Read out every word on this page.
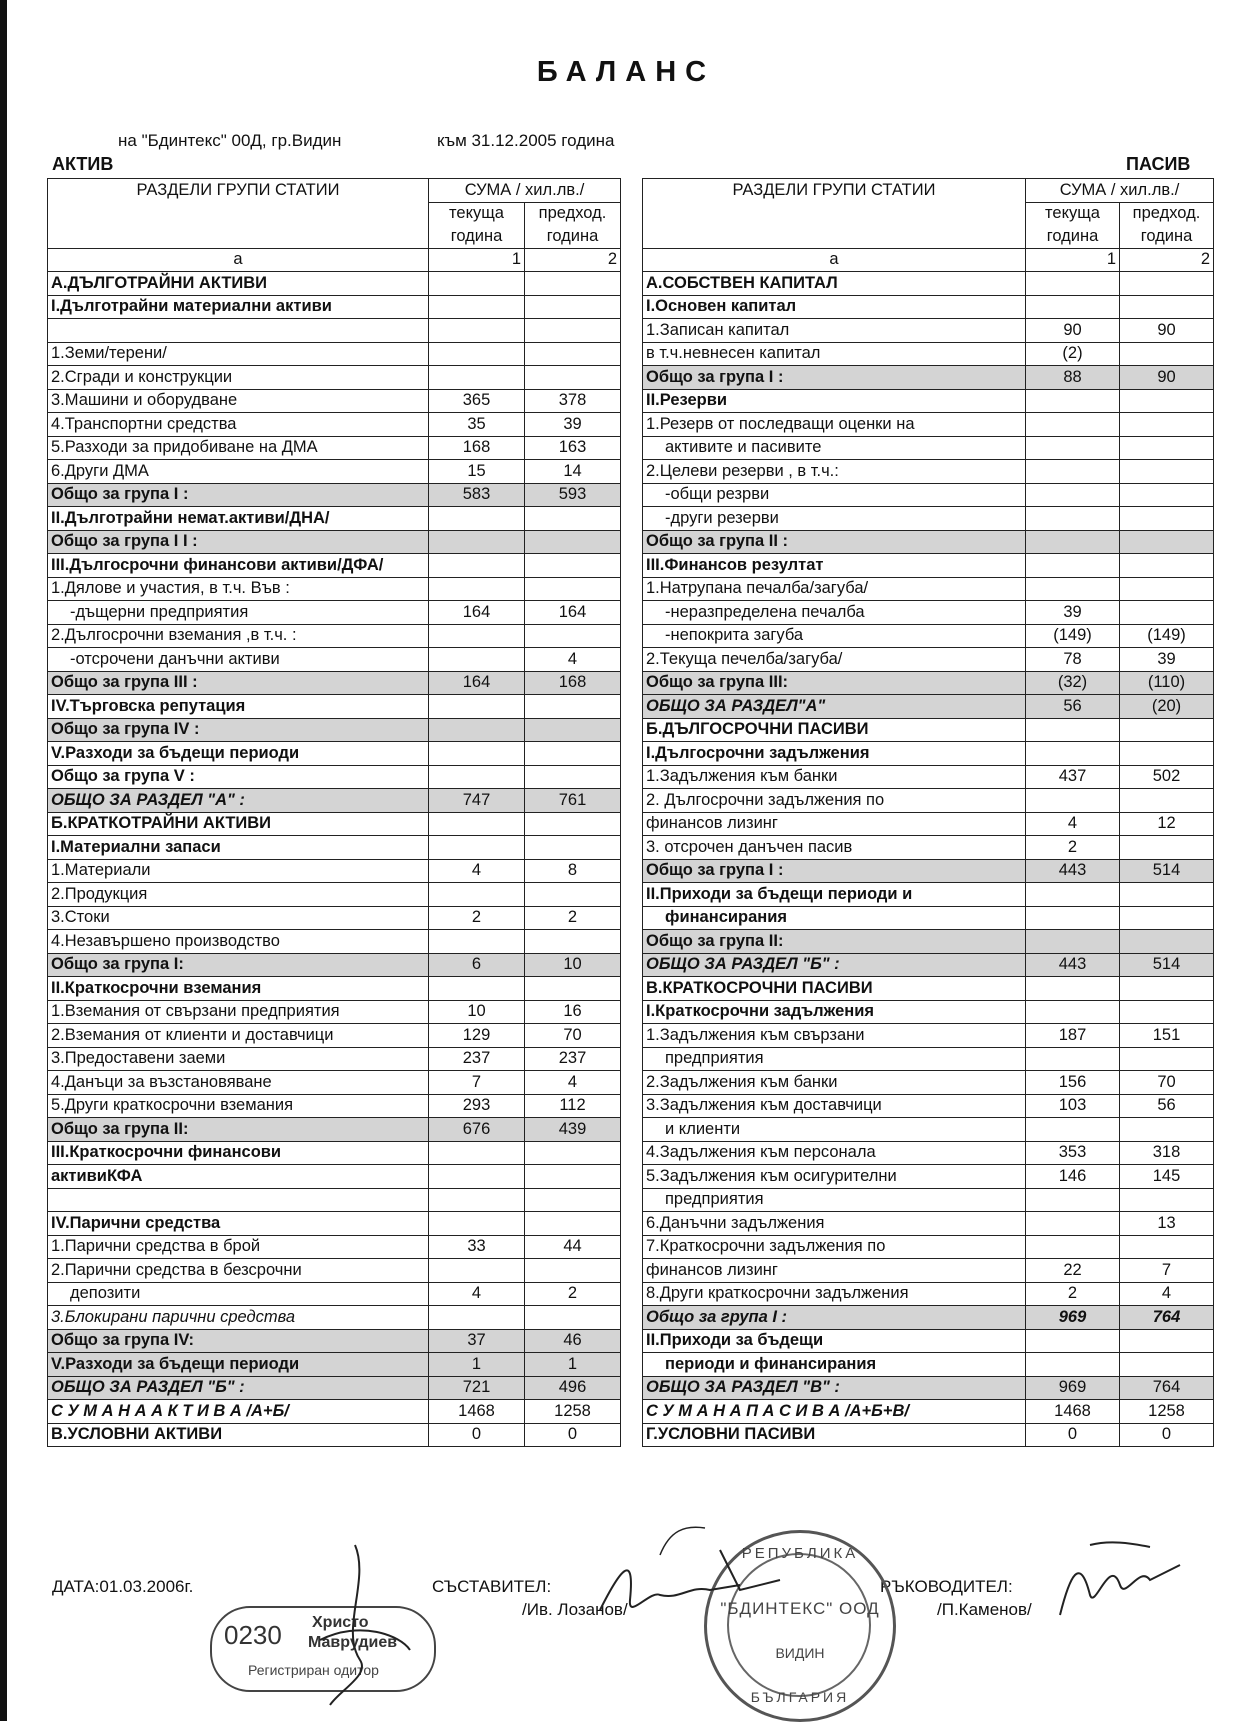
БАЛАНС
на "Бдинтекс" 00Д, гр.Видин	към 31.12.2005 година
АКТИВ	ПАСИВ
РАЗДЕЛИ ГРУПИ СТАТИИ	СУМА / хил.лв./	
	текуща	предход.
	година	година
а	1	2
А.ДЪЛГОТРАЙНИ АКТИВИ		
I.Дълготрайни материални активи		

1.Земи/терени/		
2.Сгради и конструкции		
3.Машини и оборудване	365	378
4.Транспортни средства	35	39
5.Разходи за придобиване на ДМА	168	163
6.Други ДМА	15	14
Общо за група I :	583	593
II.Дълготрайни немат.активи/ДНА/		
Общо за група I I :		
III.Дългосрочни финансови активи/ДФА/		
1.Дялове и участия, в т.ч. Във :		
-дъщерни предприятия	164	164
2.Дългосрочни вземания ,в т.ч. :		
-отсрочени данъчни активи		4
Общо за група III :	164	168
IV.Търговска репутация		
Общо за група IV :		
V.Разходи за бъдещи периоди		
Общо за група V :		
ОБЩО ЗА РАЗДЕЛ "А" :	747	761
Б.КРАТКОТРАЙНИ АКТИВИ		
I.Материални запаси		
1.Материали	4	8
2.Продукция		
3.Стоки	2	2
4.Незавършено производство		
Общо за група I:	6	10
II.Краткосрочни вземания		
1.Вземания от свързани предприятия	10	16
2.Вземания от клиенти и доставчици	129	70
3.Предоставени заеми	237	237
4.Данъци за възстановяване	7	4
5.Други краткосрочни вземания	293	112
Общо за група II:	676	439
III.Краткосрочни финансови		
активиКФА		

IV.Парични средства		
1.Парични средства в брой	33	44
2.Парични средства в безсрочни		
депозити	4	2
3.Блокирани парични средства		
Общо за група IV:	37	46
V.Разходи за бъдещи периоди	1	1
ОБЩО ЗА РАЗДЕЛ "Б" :	721	496
С У М А Н А А К Т И В А /А+Б/	1468	1258
В.УСЛОВНИ АКТИВИ	0	0
РАЗДЕЛИ ГРУПИ СТАТИИ	СУМА / хил.лв./	
	текуща	предход.
	година	година
а	1	2
А.СОБСТВЕН КАПИТАЛ		
I.Основен капитал		
1.Записан капитал	90	90
в т.ч.невнесен капитал	(2)	
Общо за група I :	88	90
II.Резерви		
1.Резерв от последващи оценки на		
активите и пасивите		
2.Целеви резерви , в т.ч.:		
-общи резрви		
-други резерви		
Общо за група II :		
III.Финансов резултат		
1.Натрупана печалба/загуба/		
-неразпределена печалба	39	
-непокрита загуба	(149)	(149)
2.Текуща печелба/загуба/	78	39
Общо за група III:	(32)	(110)
ОБЩО ЗА РАЗДЕЛ"А"	56	(20)
Б.ДЪЛГОСРОЧНИ ПАСИВИ		
I.Дългосрочни задължения		
1.Задължения към банки	437	502
2. Дългосрочни задължения по		
финансов лизинг	4	12
3. отсрочен данъчен пасив	2	
Общо за група I :	443	514
II.Приходи за бъдещи периоди и		
финансирания		
Общо за група II:		
ОБЩО ЗА РАЗДЕЛ "Б" :	443	514
В.КРАТКОСРОЧНИ ПАСИВИ		
I.Краткосрочни задължения		
1.Задължения към свързани	187	151
предприятия		
2.Задължения към банки	156	70
3.Задължения към доставчици	103	56
и клиенти		
4.Задължения към персонала	353	318
5.Задължения към осигурителни	146	145
предприятия		
6.Данъчни задължения		13
7.Краткосрочни задължения по		
финансов лизинг	22	7
8.Други краткосрочни задължения	2	4
Общо за група I :	969	764
II.Приходи за бъдещи		
периоди и финансирания		
ОБЩО ЗА РАЗДЕЛ "В" :	969	764
С У М А Н А П А С И В А /А+Б+В/	1468	1258
Г.УСЛОВНИ ПАСИВИ	0	0
ДАТА:01.03.2006г.	СЪСТАВИТЕЛ:
/Ив. Лозанов/
РЪКОВОДИТЕЛ:
/П.Каменов/
0230 Христо
Маврудиев
Регистриран одитор
РЕПУБЛИКА
"БДИНТЕКС" ООД
ВИДИН
БЪЛГАРИЯ
